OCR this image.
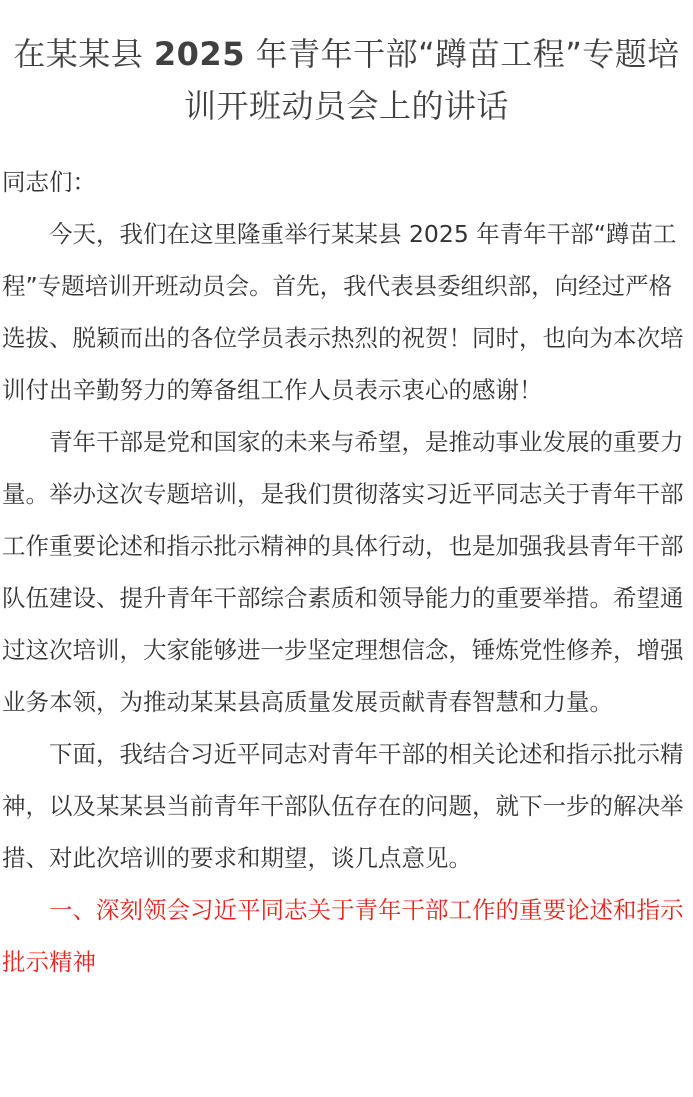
在某某县 2025 年青年干部“蹲苗工程”专题培训开班动员会上的讲话

同志们：

今天，我们在这里隆重举行某某县 2025 年青年干部“蹲苗工程”专题培训开班动员会。首先，我代表县委组织部，向经过严格选拔、脱颖而出的各位学员表示热烈的祝贺！同时，也向为本次培训付出辛勤努力的筹备组工作人员表示衷心的感谢！

青年干部是党和国家的未来与希望，是推动事业发展的重要力量。举办这次专题培训，是我们贯彻落实习近平同志关于青年干部工作重要论述和指示批示精神的具体行动，也是加强我县青年干部队伍建设、提升青年干部综合素质和领导能力的重要举措。希望通过这次培训，大家能够进一步坚定理想信念，锤炼党性修养，增强业务本领，为推动某某县高质量发展贡献青春智慧和力量。

下面，我结合习近平同志对青年干部的相关论述和指示批示精神，以及某某县当前青年干部队伍存在的问题，就下一步的解决举措、对此次培训的要求和期望，谈几点意见。

一、深刻领会习近平同志关于青年干部工作的重要论述和指示批示精神
